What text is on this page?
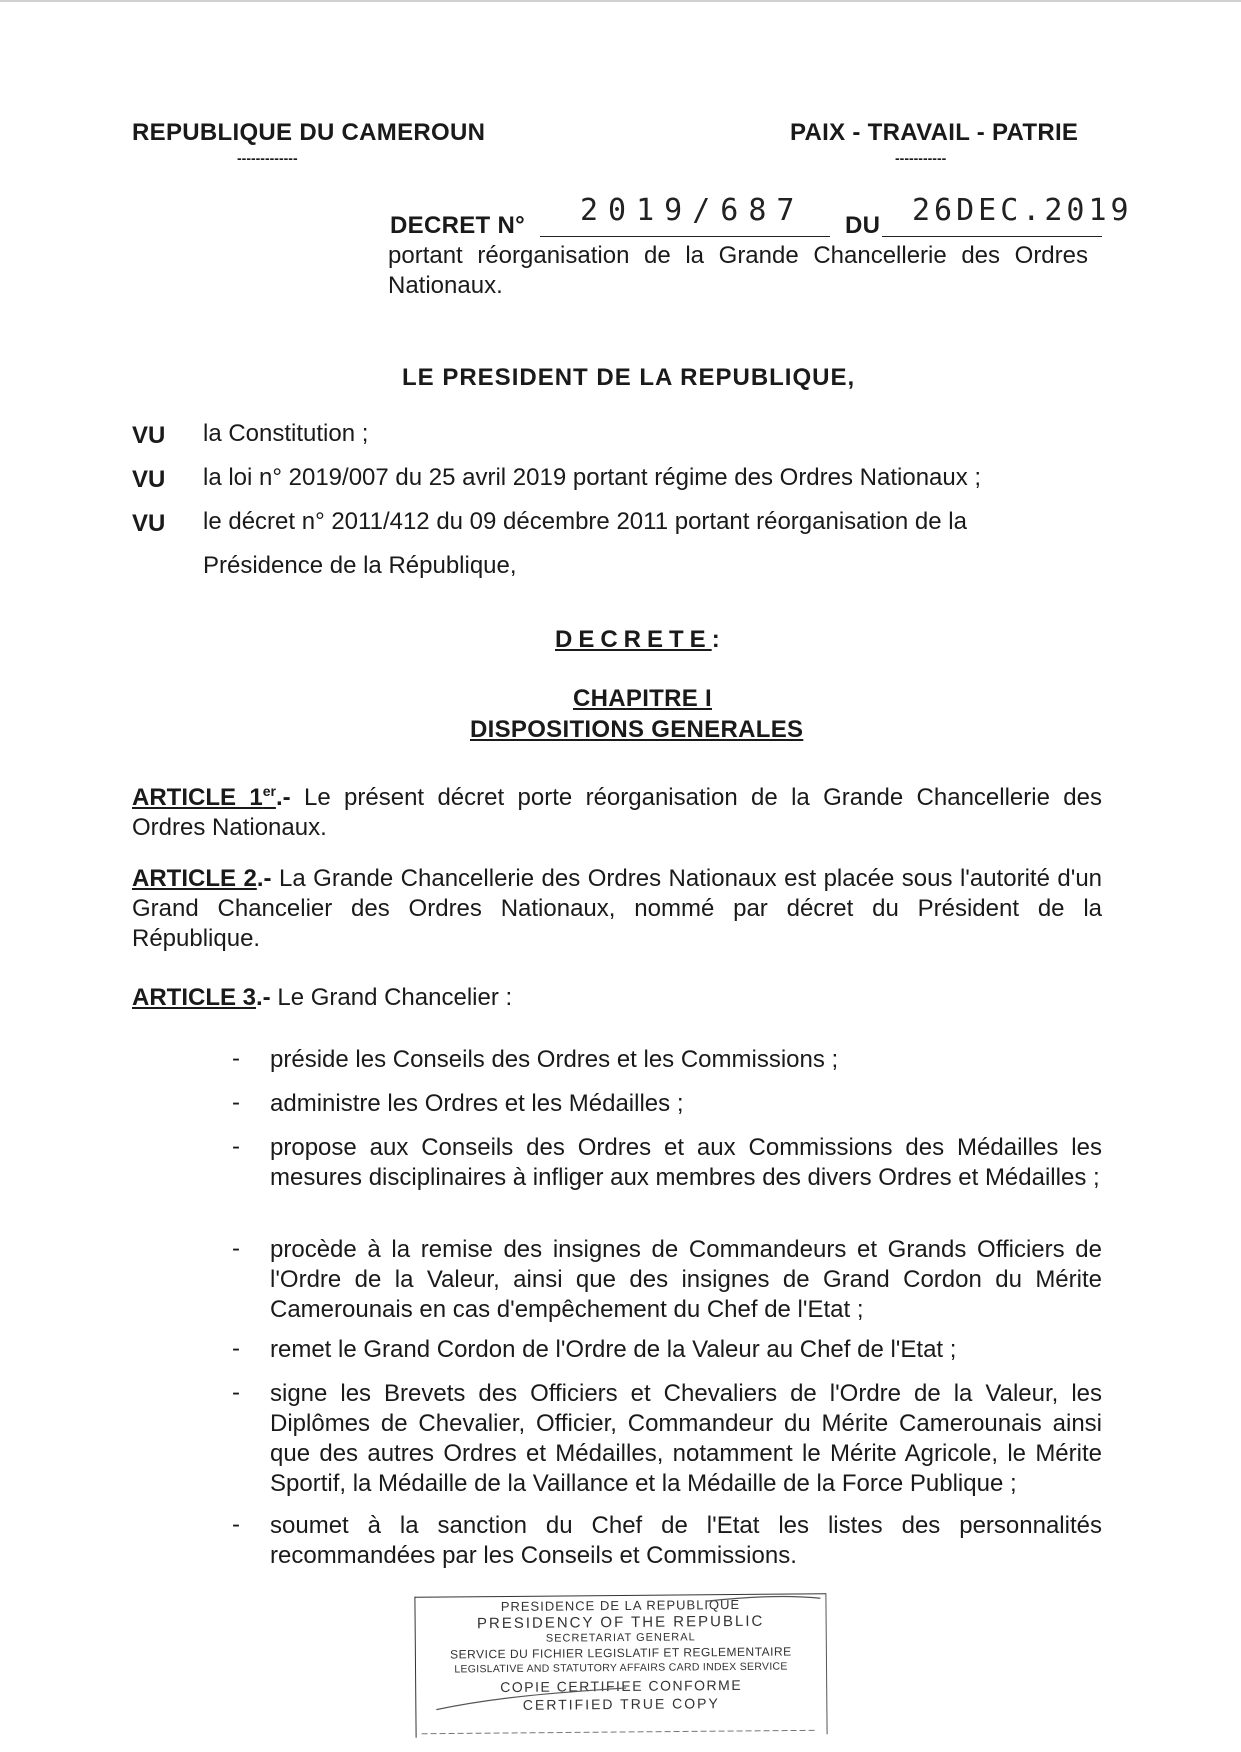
REPUBLIQUE DU CAMEROUN
-------------
PAIX - TRAVAIL - PATRIE
-----------
DECRET N° 2019/687 DU 26DEC.2019
portant réorganisation de la Grande Chancellerie des Ordres Nationaux.
LE PRESIDENT DE LA REPUBLIQUE,
VU la Constitution ;
VU la loi n° 2019/007 du 25 avril 2019 portant régime des Ordres Nationaux ;
VU le décret n° 2011/412 du 09 décembre 2011 portant réorganisation de la
Présidence de la République,
DECRETE:
CHAPITRE I
DISPOSITIONS GENERALES
ARTICLE 1er.- Le présent décret porte réorganisation de la Grande Chancellerie des Ordres Nationaux.
ARTICLE 2.- La Grande Chancellerie des Ordres Nationaux est placée sous l'autorité d'un Grand Chancelier des Ordres Nationaux, nommé par décret du Président de la République.
ARTICLE 3.- Le Grand Chancelier :
- préside les Conseils des Ordres et les Commissions ;
- administre les Ordres et les Médailles ;
- propose aux Conseils des Ordres et aux Commissions des Médailles les mesures disciplinaires à infliger aux membres des divers Ordres et Médailles ;
- procède à la remise des insignes de Commandeurs et Grands Officiers de l'Ordre de la Valeur, ainsi que des insignes de Grand Cordon du Mérite Camerounais en cas d'empêchement du Chef de l'Etat ;
- remet le Grand Cordon de l'Ordre de la Valeur au Chef de l'Etat ;
- signe les Brevets des Officiers et Chevaliers de l'Ordre de la Valeur, les Diplômes de Chevalier, Officier, Commandeur du Mérite Camerounais ainsi que des autres Ordres et Médailles, notamment le Mérite Agricole, le Mérite Sportif, la Médaille de la Vaillance et la Médaille de la Force Publique ;
- soumet à la sanction du Chef de l'Etat les listes des personnalités recommandées par les Conseils et Commissions.
PRESIDENCE DE LA REPUBLIQUE
PRESIDENCY OF THE REPUBLIC
SECRETARIAT GENERAL
SERVICE DU FICHIER LEGISLATIF ET REGLEMENTAIRE
LEGISLATIVE AND STATUTORY AFFAIRS CARD INDEX SERVICE
COPIE CERTIFIEE CONFORME
CERTIFIED TRUE COPY
